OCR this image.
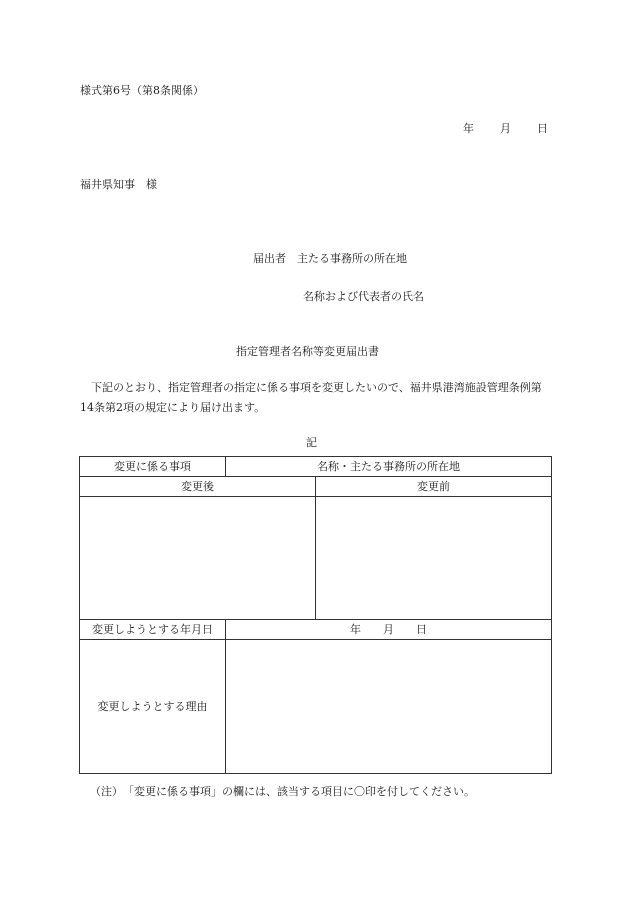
様式第6号（第8条関係）
年 月 日
福井県知事　様
届出者　主たる事務所の所在地
名称および代表者の氏名
指定管理者名称等変更届出書
下記のとおり、指定管理者の指定に係る事項を変更したいので、福井県港湾施設管理条例第14条第2項の規定により届け出ます。
記
変更に係る事項	名称・主たる事務所の所在地	
変更後		変更前

変更しようとする年月日	年 月 日	
変更しようとする理由		
（注）　「変更に係る事項」の欄には、該当する項目に〇印を付してください。
